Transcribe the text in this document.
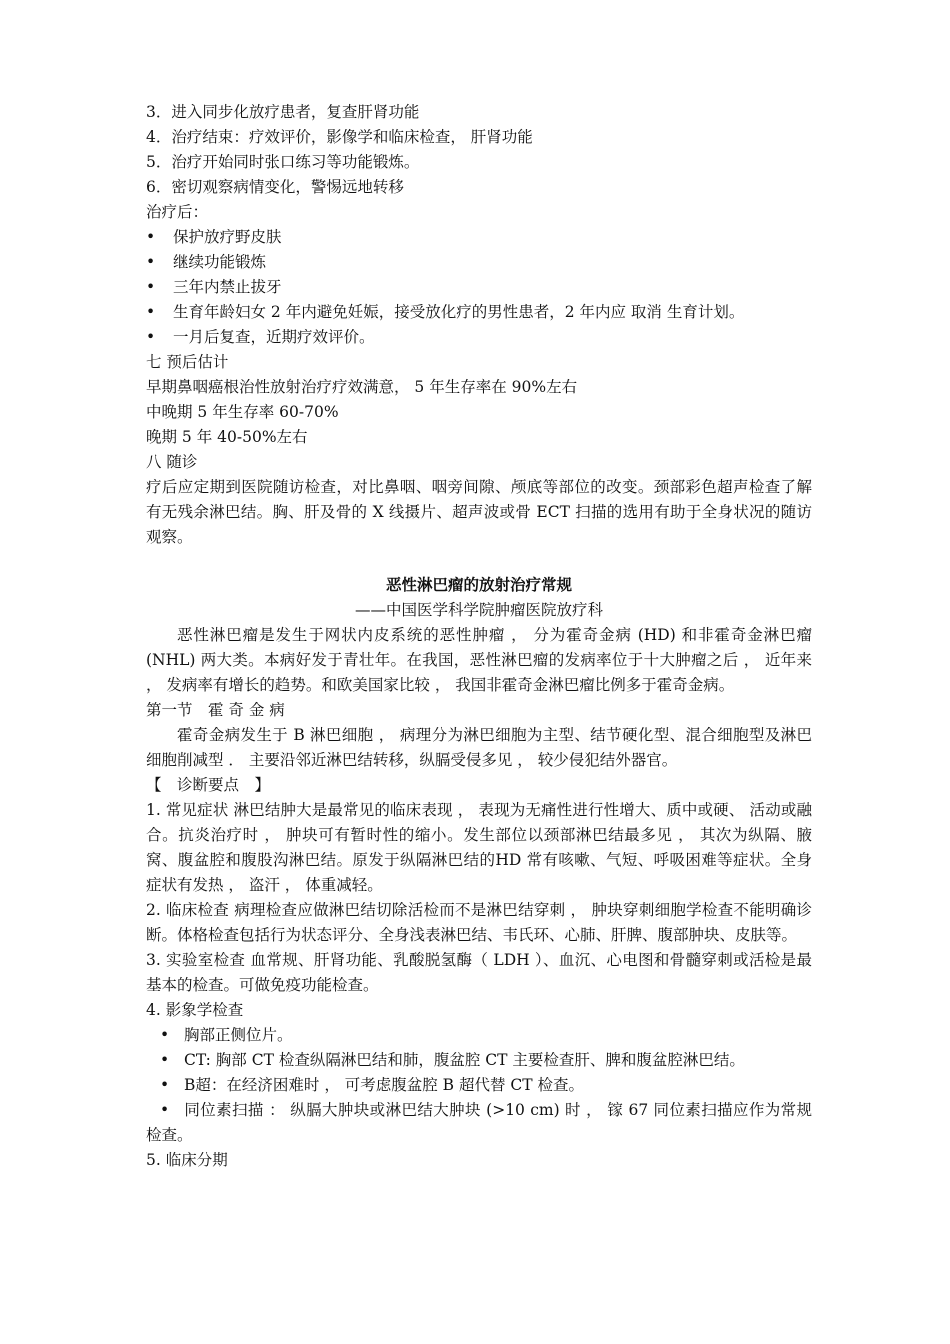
3．进入同步化放疗患者，复查肝肾功能
4．治疗结束：疗效评价，影像学和临床检查， 肝肾功能
5．治疗开始同时张口练习等功能锻炼。
6．密切观察病情变化，警惕远地转移
治疗后：
•	保护放疗野皮肤
•	继续功能锻炼
•	三年内禁止拔牙
•	生育年龄妇女 2 年内避免妊娠，接受放化疗的男性患者，2 年内应 取消 生育计划。
•	一月后复查，近期疗效评价。
七 预后估计
早期鼻咽癌根治性放射治疗疗效满意， 5 年生存率在 90%左右
中晚期 5 年生存率 60-70%
晚期 5 年 40-50%左右
八 随诊
疗后应定期到医院随访检查，对比鼻咽、咽旁间隙、颅底等部位的改变。颈部彩色超声检查了解有无残余淋巴结。胸、肝及骨的 X 线摄片、超声波或骨 ECT 扫描的选用有助于全身状况的随访观察。
恶性淋巴瘤的放射治疗常规
——中国医学科学院肿瘤医院放疗科
恶性淋巴瘤是发生于网状内皮系统的恶性肿瘤 ， 分为霍奇金病 (HD) 和非霍奇金淋巴瘤 (NHL) 两大类。本病好发于青壮年。在我国，恶性淋巴瘤的发病率位于十大肿瘤之后 ， 近年来 ， 发病率有增长的趋势。和欧美国家比较 ， 我国非霍奇金淋巴瘤比例多于霍奇金病。
第一节　霍 奇 金 病
霍奇金病发生于 B 淋巴细胞 ， 病理分为淋巴细胞为主型、结节硬化型、混合细胞型及淋巴细胞削减型 ． 主要沿邻近淋巴结转移，纵膈受侵多见 ， 较少侵犯结外器官。
【　诊断要点　】
1. 常见症状 淋巴结肿大是最常见的临床表现 ， 表现为无痛性进行性增大、质中或硬、 活动或融合。抗炎治疗时 ， 肿块可有暂时性的缩小。发生部位以颈部淋巴结最多见 ， 其次为纵隔、腋窝、腹盆腔和腹股沟淋巴结。原发于纵隔淋巴结的HD 常有咳嗽、气短、呼吸困难等症状。全身症状有发热 ， 盗汗 ， 体重减轻。
2. 临床检查 病理检查应做淋巴结切除活检而不是淋巴结穿刺 ， 肿块穿刺细胞学检查不能明确诊断。体格检查包括行为状态评分、全身浅表淋巴结、韦氏环、心肺、肝脾、腹部肿块、皮肤等。
3. 实验室检查 血常规、肝肾功能、乳酸脱氢酶（ LDH ）、血沉、心电图和骨髓穿刺或活检是最基本的检查。可做免疫功能检查。
4. 影象学检查
• 胸部正侧位片。
• CT: 胸部 CT 检查纵隔淋巴结和肺，腹盆腔 CT 主要检查肝、脾和腹盆腔淋巴结。
• B超：在经济困难时 ， 可考虑腹盆腔 B 超代替 CT 检查。
• 同位素扫描 ： 纵膈大肿块或淋巴结大肿块 (>10 cm) 时 ， 镓 67 同位素扫描应作为常规检查。
5. 临床分期
